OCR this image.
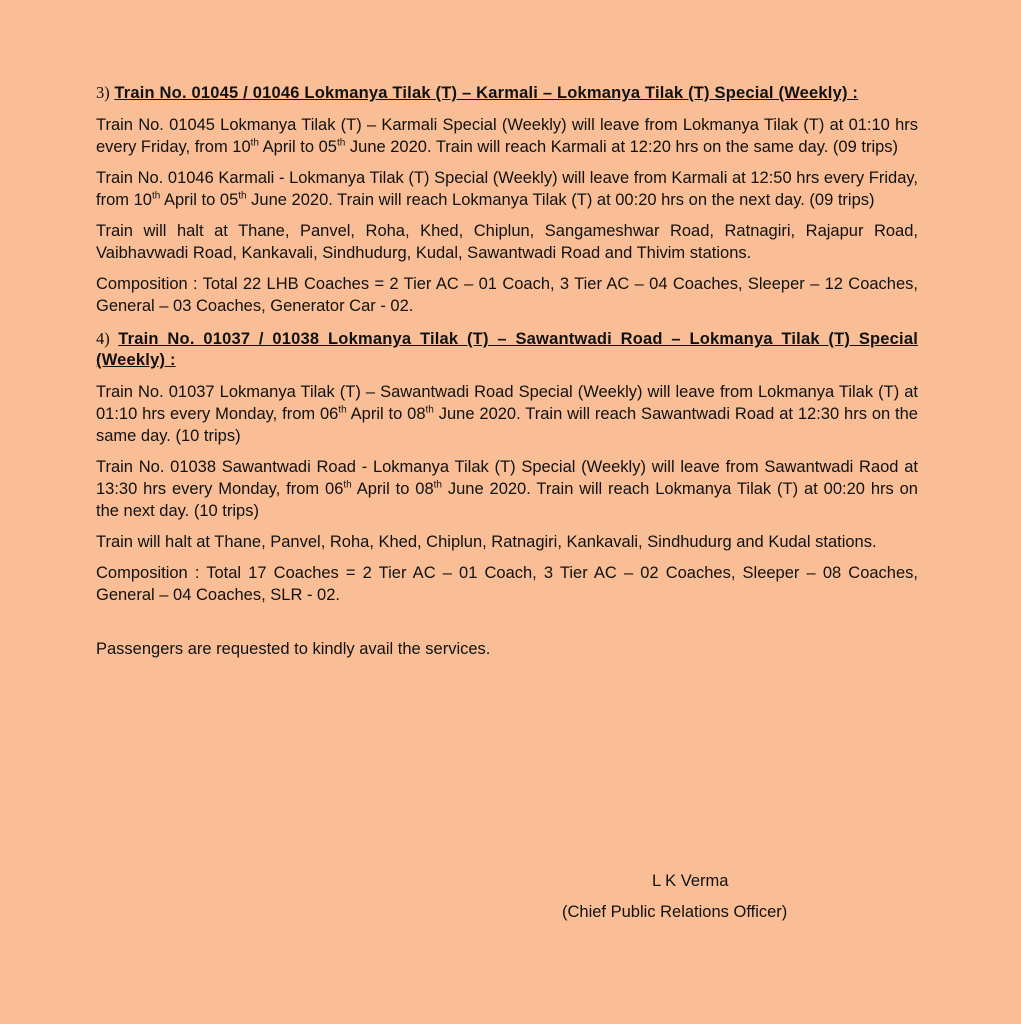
3) Train No. 01045 / 01046 Lokmanya Tilak (T) – Karmali – Lokmanya Tilak (T) Special (Weekly) :

Train No. 01045 Lokmanya Tilak (T) – Karmali Special (Weekly) will leave from Lokmanya Tilak (T) at 01:10 hrs every Friday, from 10th April to 05th June 2020. Train will reach Karmali at 12:20 hrs on the same day. (09 trips)

Train No. 01046 Karmali - Lokmanya Tilak (T) Special (Weekly) will leave from Karmali at 12:50 hrs every Friday, from 10th April to 05th June 2020. Train will reach Lokmanya Tilak (T) at 00:20 hrs on the next day. (09 trips)

Train will halt at Thane, Panvel, Roha, Khed, Chiplun, Sangameshwar Road, Ratnagiri, Rajapur Road, Vaibhavwadi Road, Kankavali, Sindhudurg, Kudal, Sawantwadi Road and Thivim stations.

Composition : Total 22 LHB Coaches = 2 Tier AC – 01 Coach, 3 Tier AC – 04 Coaches, Sleeper – 12 Coaches, General – 03 Coaches, Generator Car - 02.

4) Train No. 01037 / 01038 Lokmanya Tilak (T) – Sawantwadi Road – Lokmanya Tilak (T) Special (Weekly) :

Train No. 01037 Lokmanya Tilak (T) – Sawantwadi Road Special (Weekly) will leave from Lokmanya Tilak (T) at 01:10 hrs every Monday, from 06th April to 08th June 2020. Train will reach Sawantwadi Road at 12:30 hrs on the same day. (10 trips)

Train No. 01038 Sawantwadi Road - Lokmanya Tilak (T) Special (Weekly) will leave from Sawantwadi Raod at 13:30 hrs every Monday, from 06th April to 08th June 2020. Train will reach Lokmanya Tilak (T) at 00:20 hrs on the next day. (10 trips)

Train will halt at Thane, Panvel, Roha, Khed, Chiplun, Ratnagiri, Kankavali, Sindhudurg and Kudal stations.

Composition : Total 17 Coaches = 2 Tier AC – 01 Coach, 3 Tier AC – 02 Coaches, Sleeper – 08 Coaches, General – 04 Coaches, SLR - 02.

Passengers are requested to kindly avail the services.

L K Verma
(Chief Public Relations Officer)
